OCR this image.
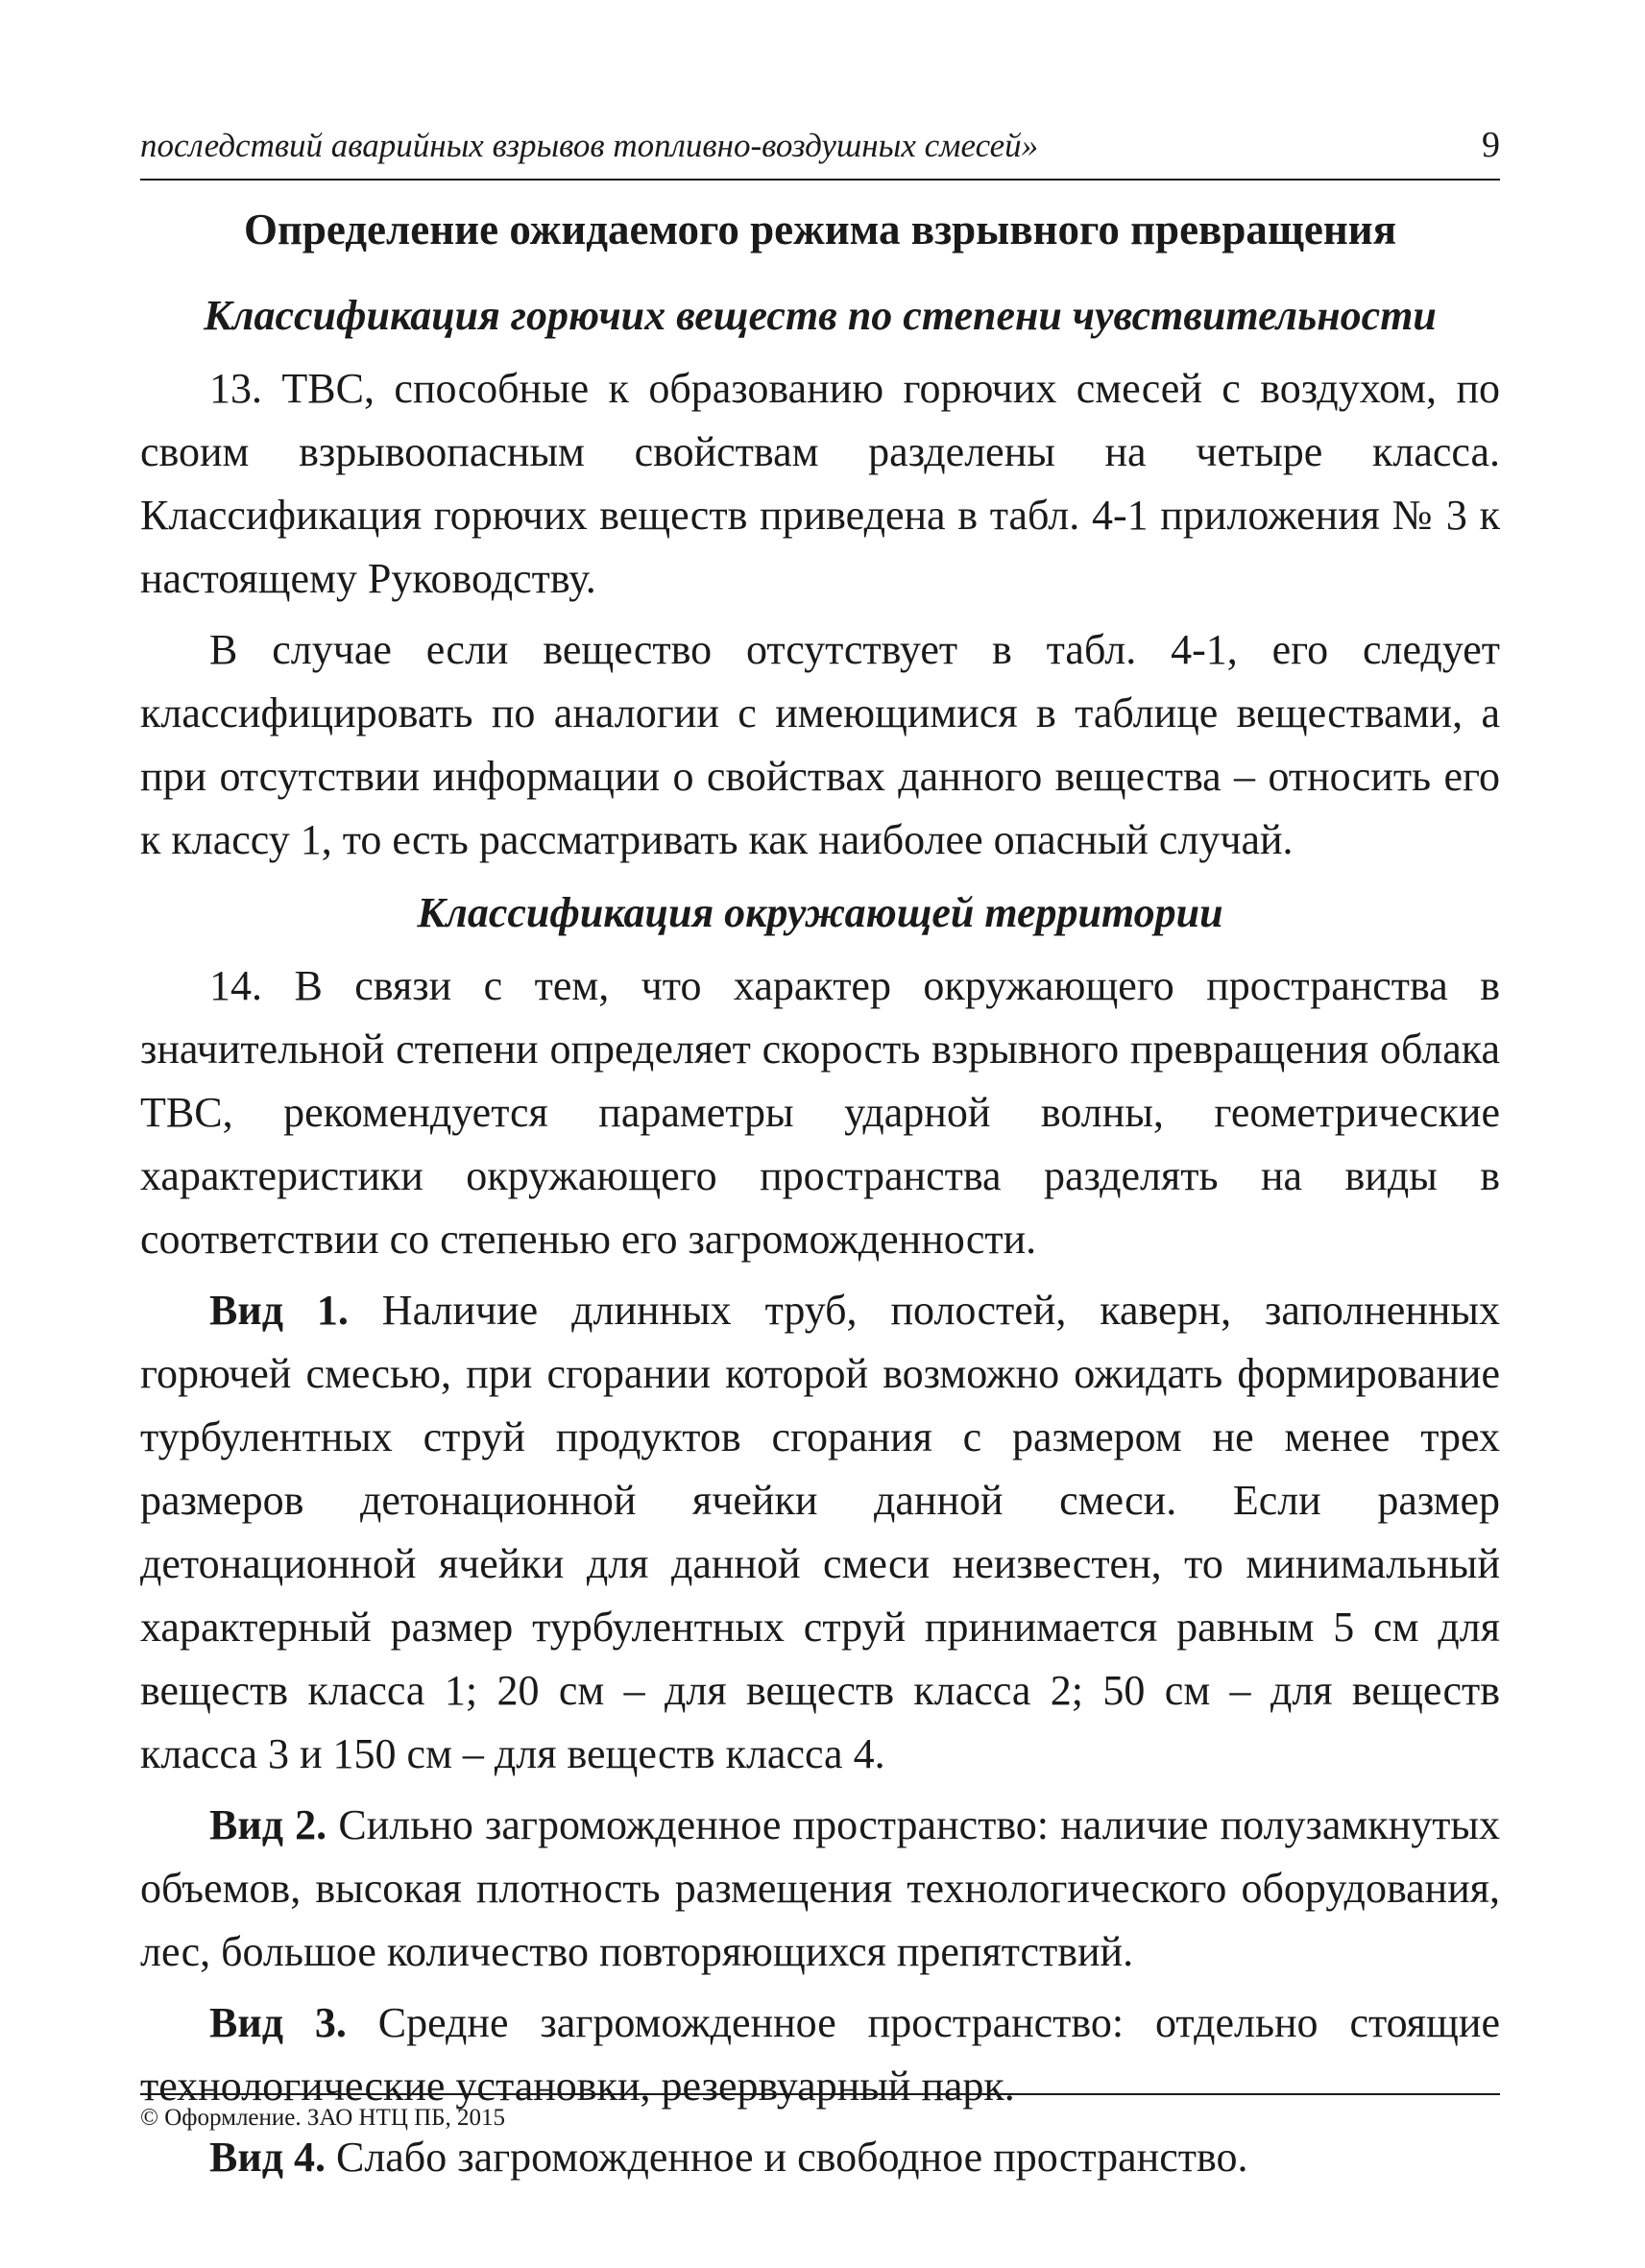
последствий аварийных взрывов топливно-воздушных смесей»	9
Определение ожидаемого режима взрывного превращения
Классификация горючих веществ по степени чувствительности

13. ТВС, способные к образованию горючих смесей с воздухом, по своим взрывоопасным свойствам разделены на четыре класса. Классификация горючих веществ приведена в табл. 4-1 приложения № 3 к настоящему Руководству.

В случае если вещество отсутствует в табл. 4-1, его следует классифицировать по аналогии с имеющимися в таблице веществами, а при отсутствии информации о свойствах данного вещества – относить его к классу 1, то есть рассматривать как наиболее опасный случай.

Классификация окружающей территории

14. В связи с тем, что характер окружающего пространства в значительной степени определяет скорость взрывного превращения облака ТВС, рекомендуется параметры ударной волны, геометрические характеристики окружающего пространства разделять на виды в соответствии со степенью его загроможденности.

Вид 1. Наличие длинных труб, полостей, каверн, заполненных горючей смесью, при сгорании которой возможно ожидать формирование турбулентных струй продуктов сгорания с размером не менее трех размеров детонационной ячейки данной смеси. Если размер детонационной ячейки для данной смеси неизвестен, то минимальный характерный размер турбулентных струй принимается равным 5 см для веществ класса 1; 20 см – для веществ класса 2; 50 см – для веществ класса 3 и 150 см – для веществ класса 4.

Вид 2. Сильно загроможденное пространство: наличие полузамкнутых объемов, высокая плотность размещения технологического оборудования, лес, большое количество повторяющихся препятствий.

Вид 3. Средне загроможденное пространство: отдельно стоящие технологические установки, резервуарный парк.

Вид 4. Слабо загроможденное и свободное пространство.

© Оформление. ЗАО НТЦ ПБ, 2015
